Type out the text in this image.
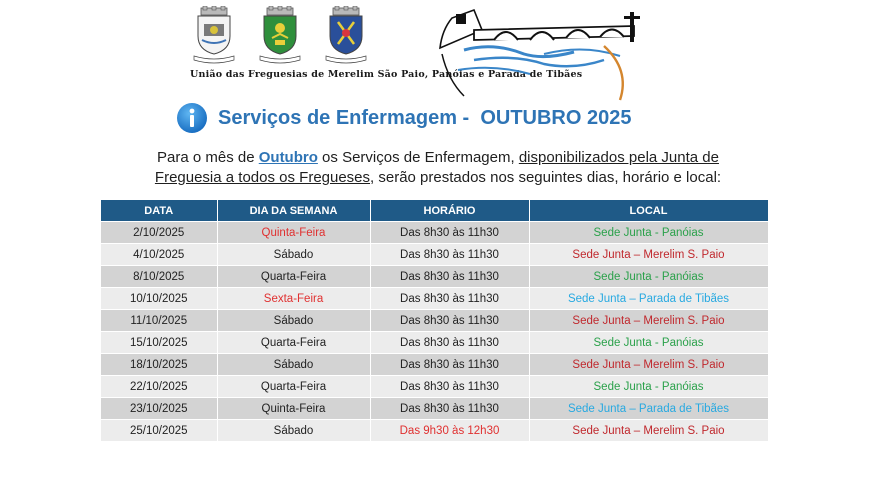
União das Freguesias de Merelim São Paio, Panóias e Parada de Tibães
Serviços de Enfermagem -  OUTUBRO 2025
Para o mês de Outubro os Serviços de Enfermagem, disponibilizados pela Junta de
Freguesia a todos os Fregueses, serão prestados nos seguintes dias, horário e local:
DATA	DIA DA SEMANA	HORÁRIO	LOCAL
2/10/2025	Quinta-Feira	Das 8h30 às 11h30	Sede Junta - Panóias
4/10/2025	Sábado	Das 8h30 às 11h30	Sede Junta – Merelim S. Paio
8/10/2025	Quarta-Feira	Das 8h30 às 11h30	Sede Junta - Panóias
10/10/2025	Sexta-Feira	Das 8h30 às 11h30	Sede Junta – Parada de Tibães
11/10/2025	Sábado	Das 8h30 às 11h30	Sede Junta – Merelim S. Paio
15/10/2025	Quarta-Feira	Das 8h30 às 11h30	Sede Junta - Panóias
18/10/2025	Sábado	Das 8h30 às 11h30	Sede Junta – Merelim S. Paio
22/10/2025	Quarta-Feira	Das 8h30 às 11h30	Sede Junta - Panóias
23/10/2025	Quinta-Feira	Das 8h30 às 11h30	Sede Junta – Parada de Tibães
25/10/2025	Sábado	Das 9h30 às 12h30	Sede Junta – Merelim S. Paio
